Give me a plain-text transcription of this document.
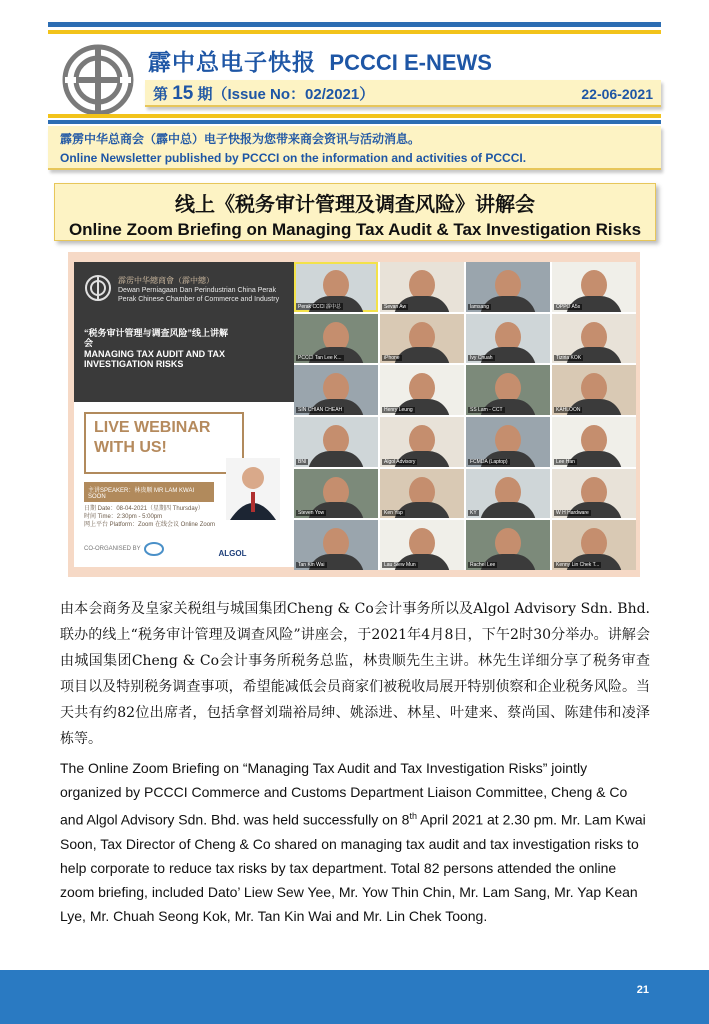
霹中总电子快报 PCCCI E-NEWS
第 15 期（Issue No：02/2021）	22-06-2021
霹雳中华总商会（霹中总）电子快报为您带来商会资讯与活动消息。
Online Newsletter published by PCCCI on the information and activities of PCCCI.
线上《税务审计管理及调查风险》讲解会
Online Zoom Briefing on Managing Tax Audit & Tax Investigation Risks
霹雳中华總商會（霹中總）
Dewan Perniagaan Dan Perindustrian China Perak
Perak Chinese Chamber of Commerce and Industry
“税务审计管理与调查风险”线上讲解会
MANAGING TAX AUDIT AND TAX INVESTIGATION RISKS
LIVE WEBINAR
WITH US!
主讲SPEAKER：林贵顺 MR LAM KWAI SOON
日期 Date：08-04-2021（星期四 Thursday）
时间 Time：2:30pm - 5:00pm
网上平台 Platform：Zoom 在线会议 Online Zoom
CO-ORGANISED BY	ALGOL
Perak CCCI 霹中总	Sevan Aw	lamsang	OPPO A5s
PCCCI Tan Lee K...	iPhone	Ivy Chuah	Tiziria KOK
SIN CHIAN CHEAH	Henry Leung	SS Lam - CCT	KAHLOON
BNI	Algol Advisory	FCMDA (Laptop)	Lee Han
Steven Yow	Ken Yap	KY	W H Hardware
Tan Kin Wai	Lau Siew Mun	Rachel Lee	Kenny Lin Chek T...
由本会商务及皇家关税组与城国集团Cheng & Co会计事务所以及Algol Advisory Sdn. Bhd. 联办的线上“税务审计管理及调查风险”讲座会，于2021年4月8日，下午2时30分举办。讲解会由城国集团Cheng & Co会计事务所税务总监，林贵顺先生主讲。林先生详细分享了税务审查项目以及特别税务调查事项，希望能减低会员商家们被税收局展开特别侦察和企业税务风险。当天共有约82位出席者，包括拿督刘瑞裕局绅、姚添进、林星、叶建来、蔡尚国、陈建伟和凌泽栋等。
The Online Zoom Briefing on “Managing Tax Audit and Tax Investigation Risks” jointly organized by PCCCI Commerce and Customs Department Liaison Committee, Cheng & Co and Algol Advisory Sdn. Bhd. was held successfully on 8th April 2021 at 2.30 pm. Mr. Lam Kwai Soon, Tax Director of Cheng & Co shared on managing tax audit and tax investigation risks to help corporate to reduce tax risks by tax department. Total 82 persons attended the online zoom briefing, included Dato’ Liew Sew Yee, Mr. Yow Thin Chin, Mr. Lam Sang, Mr. Yap Kean Lye, Mr. Chuah Seong Kok, Mr. Tan Kin Wai and Mr. Lin Chek Toong.
21
